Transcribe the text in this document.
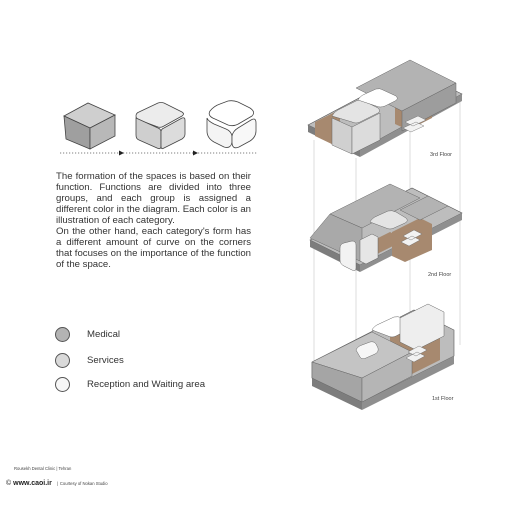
The formation of the spaces is based on their function. Functions are divided into three groups, and each group is assigned a different color in the diagram. Each color is an illustration of each category.

On the other hand, each category's form has a different amount of curve on the corners that focuses on the importance of the function of the space.

Medical
Services
Reception and Waiting area
3rd Floor
2nd Floor
1st Floor
Rousekh Dental Clinic | Tehran
© www.caoi.ir | Courtesy of Nokan Studio
